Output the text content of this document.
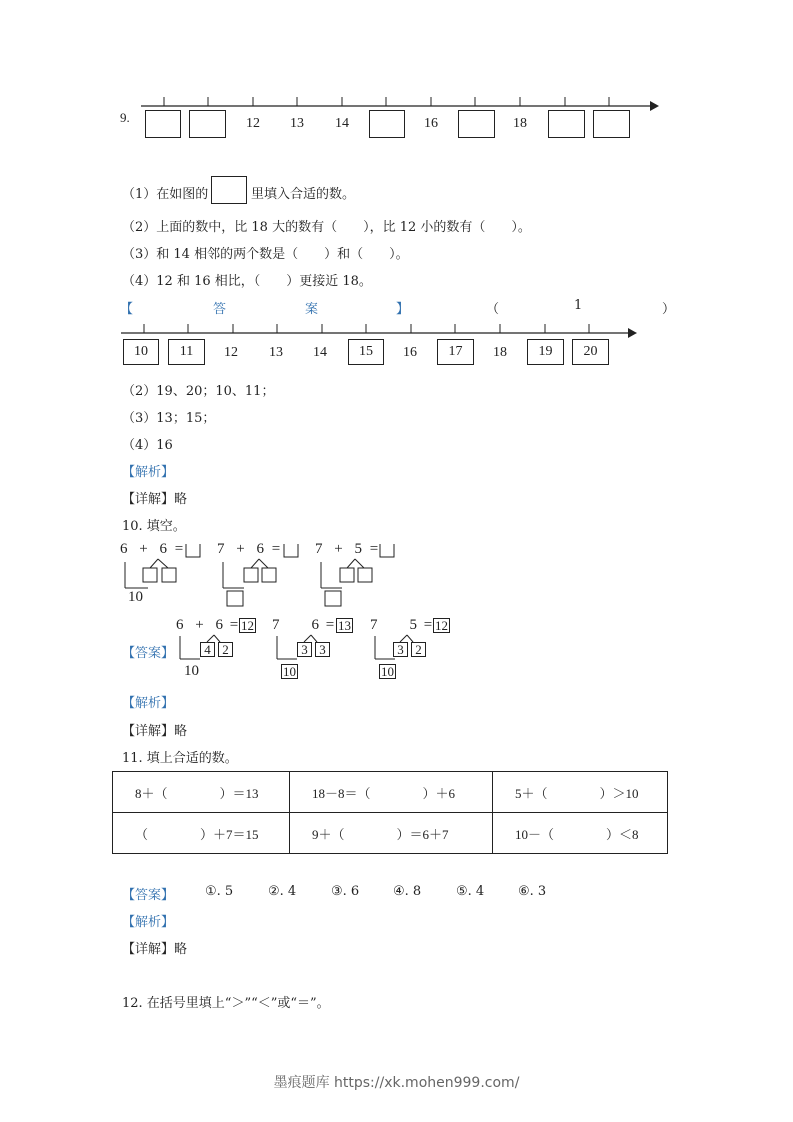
9.	12	13	14	16	18
（1）在如图的	里填入合适的数。
（2）上面的数中，比 18 大的数有（　　），比 12 小的数有（　　）。
（3）和 14 相邻的两个数是（　　）和（　　）。
（4）12 和 16 相比，（　　）更接近 18。
【	答	案	】	（	1	）
10	11	12	13	14	15	16	17	18	19	20
（2）19、20；10、11；
（3）13；15；
（4）16
【解析】
【详解】略
10. 填空。
6 + 6 =
10
7 + 6 = 7 + 5 =
【答案】
6 + 6 = 12
4 2
10
7 6 = 13
3 3
10
7 5 = 12
3 2
10
【解析】
【详解】略
11. 填上合适的数。
8＋（　　　　）＝13	18－8＝（　　　　）＋6	5＋（　　　　）＞10
（　　　　）＋7＝15	9＋（　　　　）＝6＋7	10－（　　　　）＜8
【答案】 ①. 5	②. 4	③. 6	④. 8	⑤. 4	⑥. 3
【解析】
【详解】略
12. 在括号里填上“＞”“＜”或“＝”。
墨痕题库 https://xk.mohen999.com/
